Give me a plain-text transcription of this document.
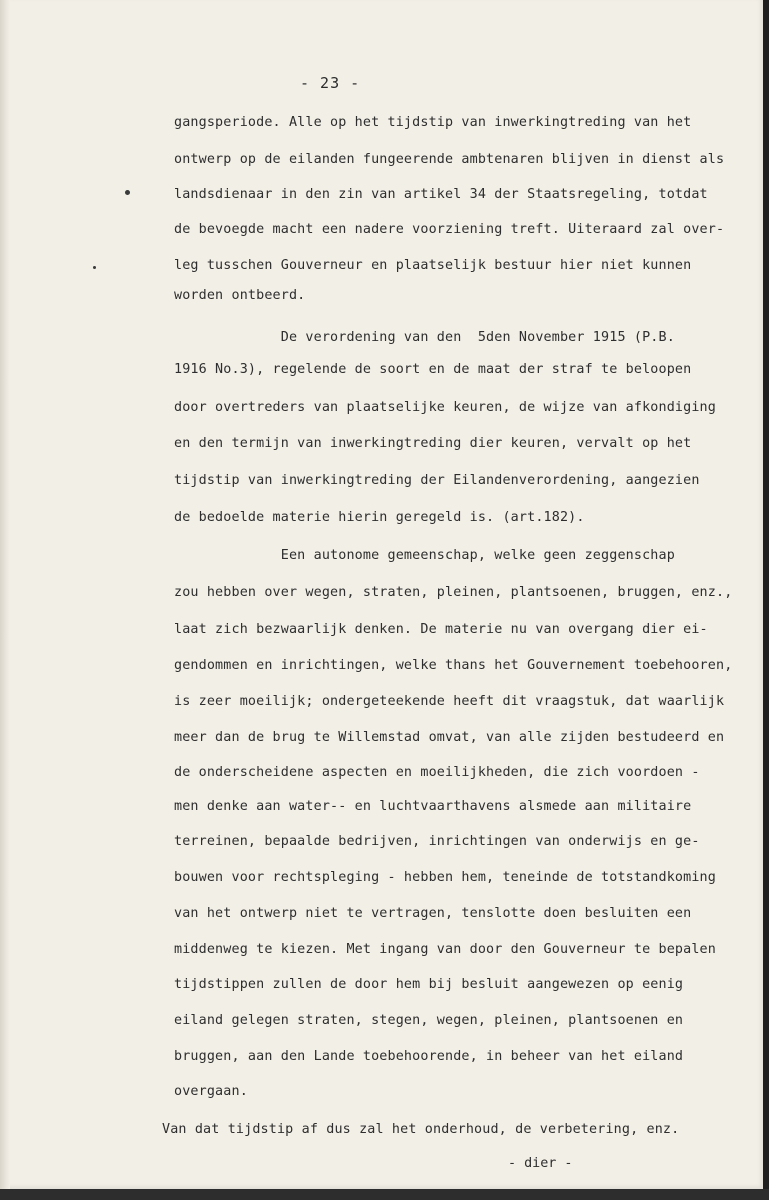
- 23 -
gangsperiode. Alle op het tijdstip van inwerkingtreding van het
ontwerp op de eilanden fungeerende ambtenaren blijven in dienst als
landsdienaar in den zin van artikel 34 der Staatsregeling, totdat
de bevoegde macht een nadere voorziening treft. Uiteraard zal over-
leg tusschen Gouverneur en plaatselijk bestuur hier niet kunnen
worden ontbeerd.
De verordening van den  5den November 1915 (P.B.
1916 No.3), regelende de soort en de maat der straf te beloopen
door overtreders van plaatselijke keuren, de wijze van afkondiging
en den termijn van inwerkingtreding dier keuren, vervalt op het
tijdstip van inwerkingtreding der Eilandenverordening, aangezien
de bedoelde materie hierin geregeld is. (art.182).
Een autonome gemeenschap, welke geen zeggenschap
zou hebben over wegen, straten, pleinen, plantsoenen, bruggen, enz.,
laat zich bezwaarlijk denken. De materie nu van overgang dier ei-
gendommen en inrichtingen, welke thans het Gouvernement toebehooren,
is zeer moeilijk; ondergeteekende heeft dit vraagstuk, dat waarlijk
meer dan de brug te Willemstad omvat, van alle zijden bestudeerd en
de onderscheidene aspecten en moeilijkheden, die zich voordoen -
men denke aan water-- en luchtvaarthavens alsmede aan militaire
terreinen, bepaalde bedrijven, inrichtingen van onderwijs en ge-
bouwen voor rechtspleging - hebben hem, teneinde de totstandkoming
van het ontwerp niet te vertragen, tenslotte doen besluiten een
middenweg te kiezen. Met ingang van door den Gouverneur te bepalen
tijdstippen zullen de door hem bij besluit aangewezen op eenig
eiland gelegen straten, stegen, wegen, pleinen, plantsoenen en
bruggen, aan den Lande toebehoorende, in beheer van het eiland
overgaan.
Van dat tijdstip af dus zal het onderhoud, de verbetering, enz.
- dier -
